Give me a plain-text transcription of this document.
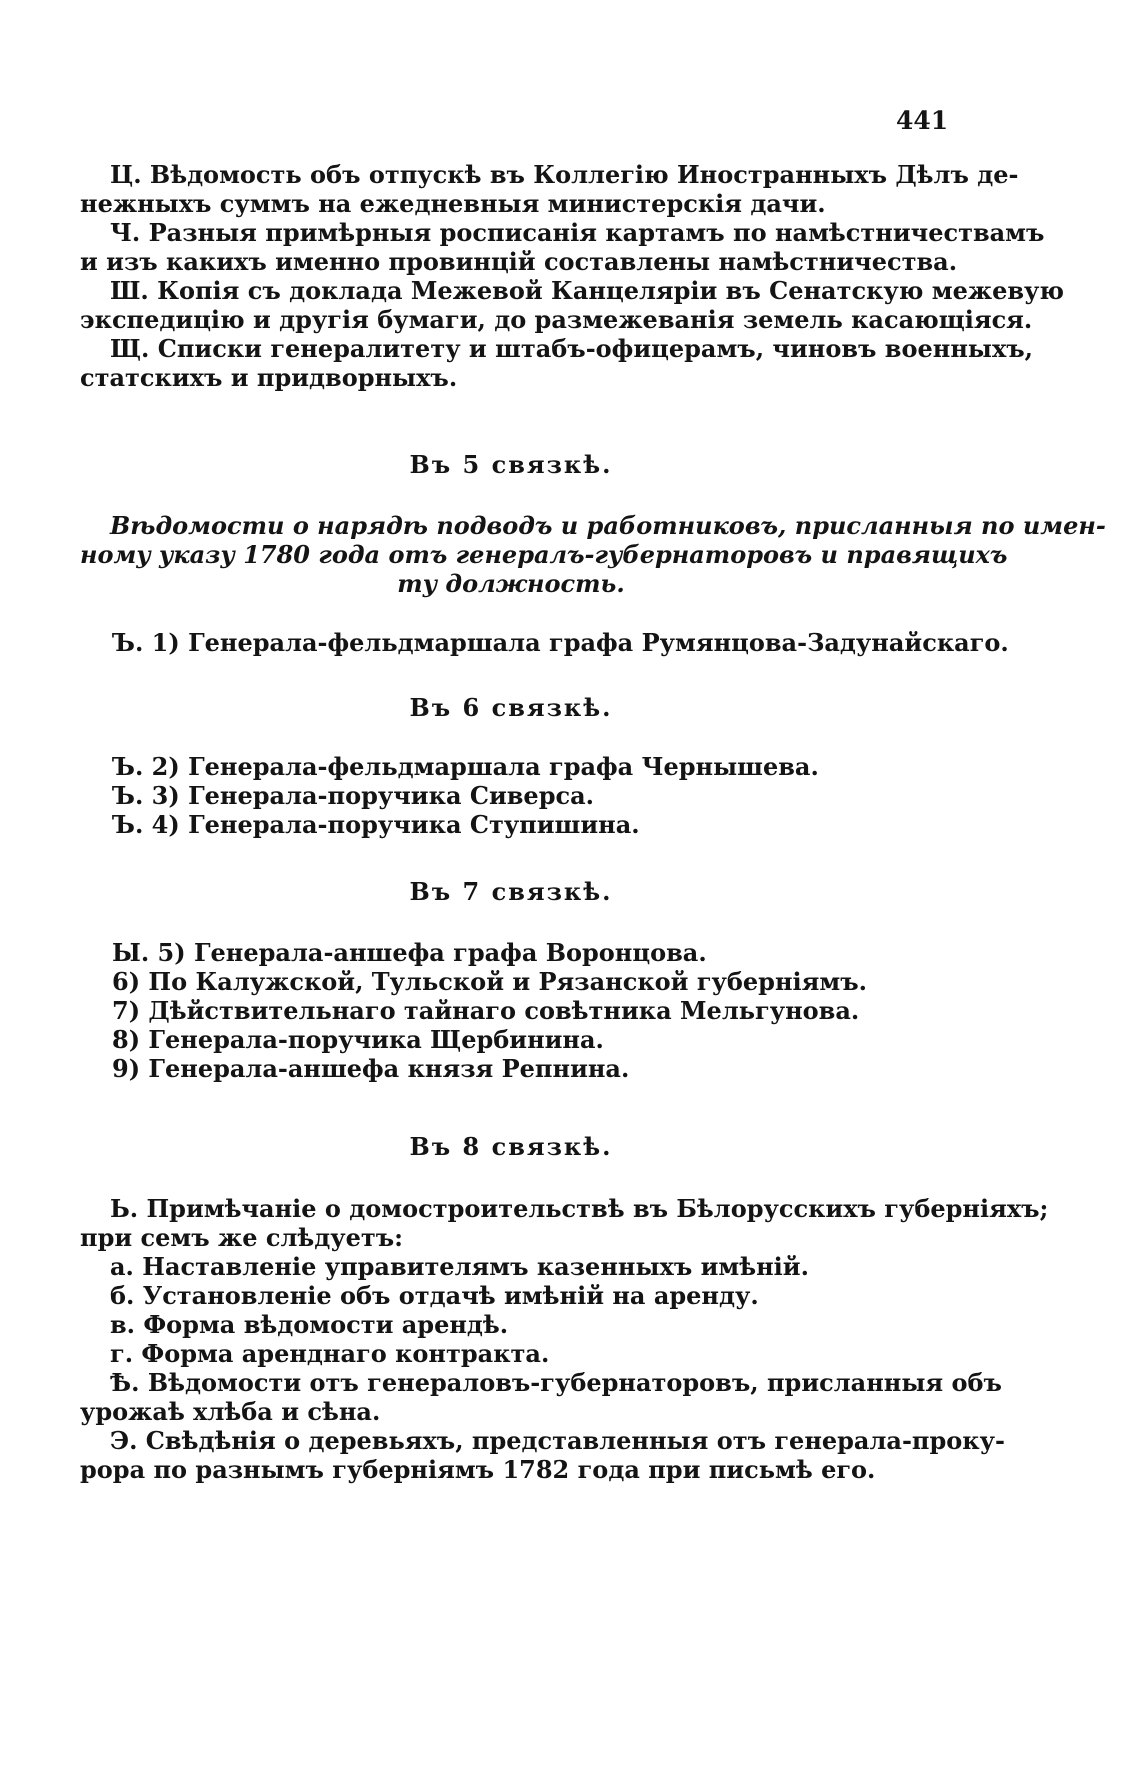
441
Ц. Вѣдомость объ отпускѣ въ Коллегію Иностранныхъ Дѣлъ де-
нежныхъ суммъ на ежедневныя министерскія дачи.
Ч. Разныя примѣрныя росписанія картамъ по намѣстничествамъ
и изъ какихъ именно провинцій составлены намѣстничества.
Ш. Копія съ доклада Межевой Канцеляріи въ Сенатскую межевую
экспедицію и другія бумаги, до размежеванія земель касающіяся.
Щ. Списки генералитету и штабъ-офицерамъ, чиновъ военныхъ,
статскихъ и придворныхъ.
Въ 5 связкѣ.
Вѣдомости о нарядѣ подводъ и работниковъ, присланныя по имен-
ному указу 1780 года отъ генералъ-губернаторовъ и правящихъ
ту должность.
Ъ. 1) Генерала-фельдмаршала графа Румянцова-Задунайскаго.
Въ 6 связкѣ.
Ъ. 2) Генерала-фельдмаршала графа Чернышева.
Ъ. 3) Генерала-поручика Сиверса.
Ъ. 4) Генерала-поручика Ступишина.
Въ 7 связкѣ.
Ы. 5) Генерала-аншефа графа Воронцова.
6) По Калужской, Тульской и Рязанской губерніямъ.
7) Дѣйствительнаго тайнаго совѣтника Мельгунова.
8) Генерала-поручика Щербинина.
9) Генерала-аншефа князя Репнина.
Въ 8 связкѣ.
Ь. Примѣчаніе о домостроительствѣ въ Бѣлорусскихъ губерніяхъ;
при семъ же слѣдуетъ:
а. Наставленіе управителямъ казенныхъ имѣній.
б. Установленіе объ отдачѣ имѣній на аренду.
в. Форма вѣдомости арендѣ.
г. Форма аренднаго контракта.
Ѣ. Вѣдомости отъ генераловъ-губернаторовъ, присланныя объ
урожаѣ хлѣба и сѣна.
Э. Свѣдѣнія о деревьяхъ, представленныя отъ генерала-проку-
рора по разнымъ губерніямъ 1782 года при письмѣ его.
